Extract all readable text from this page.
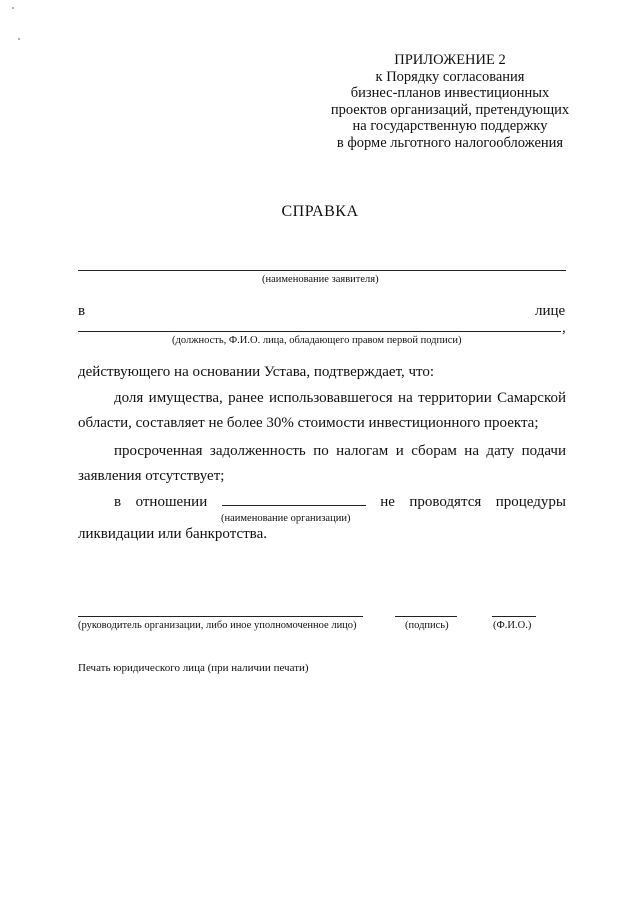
ПРИЛОЖЕНИЕ 2
к Порядку согласования
бизнес-планов инвестиционных
проектов организаций, претендующих
на государственную поддержку
в форме льготного налогообложения
СПРАВКА
(наименование заявителя)
в	лице
,
(должность, Ф.И.О. лица, обладающего правом первой подписи)
действующего на основании Устава, подтверждает, что:
доля имущества, ранее использовавшегося на территории Самарской области, составляет не более 30% стоимости инвестиционного проекта;
просроченная задолженность по налогам и сборам на дату подачи заявления отсутствует;
в отношении	не проводятся процедуры
(наименование организации)
ликвидации или банкротства.
(руководитель организации, либо иное уполномоченное лицо)	(подпись)	(Ф.И.О.)
Печать юридического лица (при наличии печати)
